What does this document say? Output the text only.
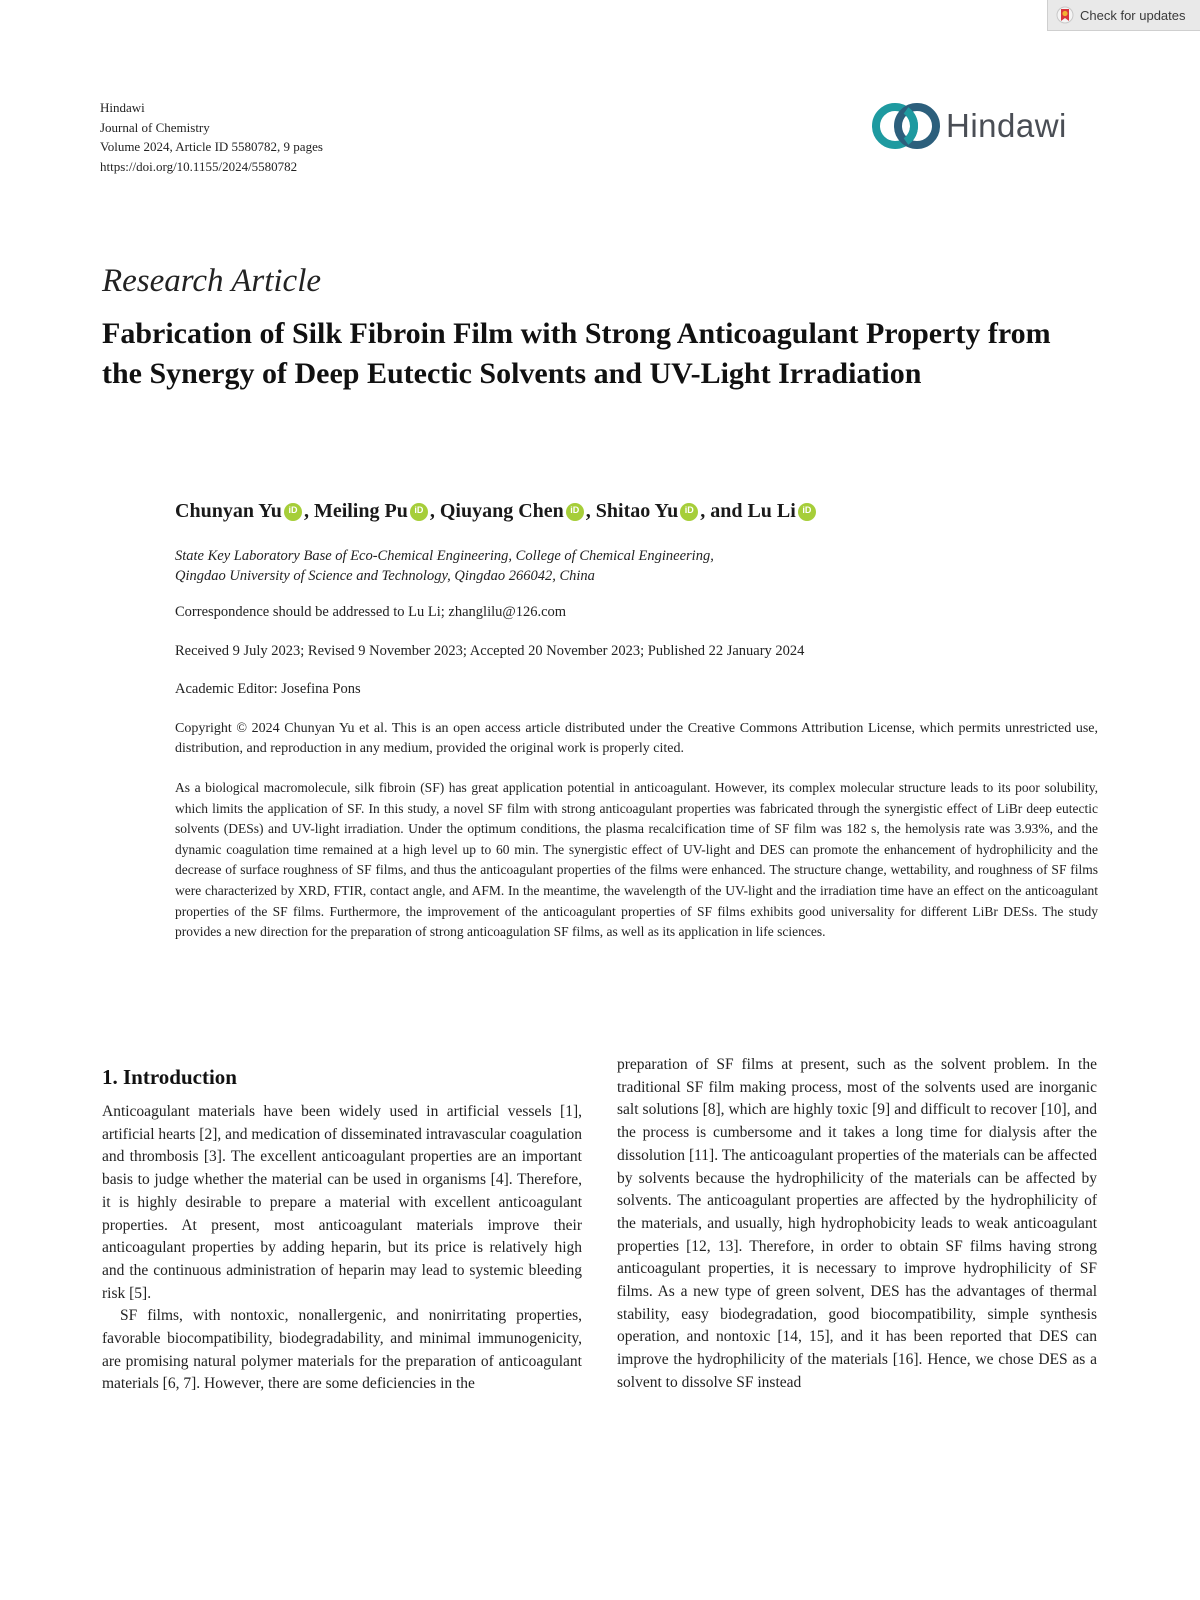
Check for updates
Hindawi
Journal of Chemistry
Volume 2024, Article ID 5580782, 9 pages
https://doi.org/10.1155/2024/5580782
Hindawi
Research Article
Fabrication of Silk Fibroin Film with Strong Anticoagulant Property from the Synergy of Deep Eutectic Solvents and UV-Light Irradiation
Chunyan Yu iD , Meiling Pu iD , Qiuyang Chen iD , Shitao Yu iD , and Lu Li
iD
State Key Laboratory Base of Eco-Chemical Engineering, College of Chemical Engineering,
Qingdao University of Science and Technology, Qingdao 266042, China
Correspondence should be addressed to Lu Li; zhanglilu@126.com
Received 9 July 2023; Revised 9 November 2023; Accepted 20 November 2023; Published 22 January 2024
Academic Editor: Josefina Pons
Copyright © 2024 Chunyan Yu et al. This is an open access article distributed under the Creative Commons Attribution License, which permits unrestricted use, distribution, and reproduction in any medium, provided the original work is properly cited.
As a biological macromolecule, silk fibroin (SF) has great application potential in anticoagulant. However, its complex molecular structure leads to its poor solubility, which limits the application of SF. In this study, a novel SF film with strong anticoagulant properties was fabricated through the synergistic effect of LiBr deep eutectic solvents (DESs) and UV-light irradiation. Under the optimum conditions, the plasma recalcification time of SF film was 182 s, the hemolysis rate was 3.93%, and the dynamic coagulation time remained at a high level up to 60 min. The synergistic effect of UV-light and DES can promote the enhancement of hydrophilicity and the decrease of surface roughness of SF films, and thus the anticoagulant properties of the films were enhanced. The structure change, wettability, and roughness of SF films were characterized by XRD, FTIR, contact angle, and AFM. In the meantime, the wavelength of the UV-light and the irradiation time have an effect on the anticoagulant properties of the SF films. Furthermore, the improvement of the anticoagulant properties of SF films exhibits good universality for different LiBr DESs. The study provides a new direction for the preparation of strong anticoagulation SF films, as well as its application in life sciences.
1. Introduction

Anticoagulant materials have been widely used in artificial vessels [1], artificial hearts [2], and medication of disseminated intravascular coagulation and thrombosis [3]. The excellent anticoagulant properties are an important basis to judge whether the material can be used in organisms [4]. Therefore, it is highly desirable to prepare a material with excellent anticoagulant properties. At present, most anticoagulant materials improve their anticoagulant properties by adding heparin, but its price is relatively high and the continuous administration of heparin may lead to systemic bleeding risk [5].

SF films, with nontoxic, nonallergenic, and nonirritating properties, favorable biocompatibility, biodegradability, and minimal immunogenicity, are promising natural polymer materials for the preparation of anticoagulant materials [6, 7]. However, there are some deficiencies in the

preparation of SF films at present, such as the solvent problem. In the traditional SF film making process, most of the solvents used are inorganic salt solutions [8], which are highly toxic [9] and difficult to recover [10], and the process is cumbersome and it takes a long time for dialysis after the dissolution [11]. The anticoagulant properties of the materials can be affected by solvents because the hydrophilicity of the materials can be affected by solvents. The anticoagulant properties are affected by the hydrophilicity of the materials, and usually, high hydrophobicity leads to weak anticoagulant properties [12, 13]. Therefore, in order to obtain SF films having strong anticoagulant properties, it is necessary to improve hydrophilicity of SF films. As a new type of green solvent, DES has the advantages of thermal stability, easy biodegradation, good biocompatibility, simple synthesis operation, and nontoxic [14, 15], and it has been reported that DES can improve the hydrophilicity of the materials [16]. Hence, we chose DES as a solvent to dissolve SF instead
